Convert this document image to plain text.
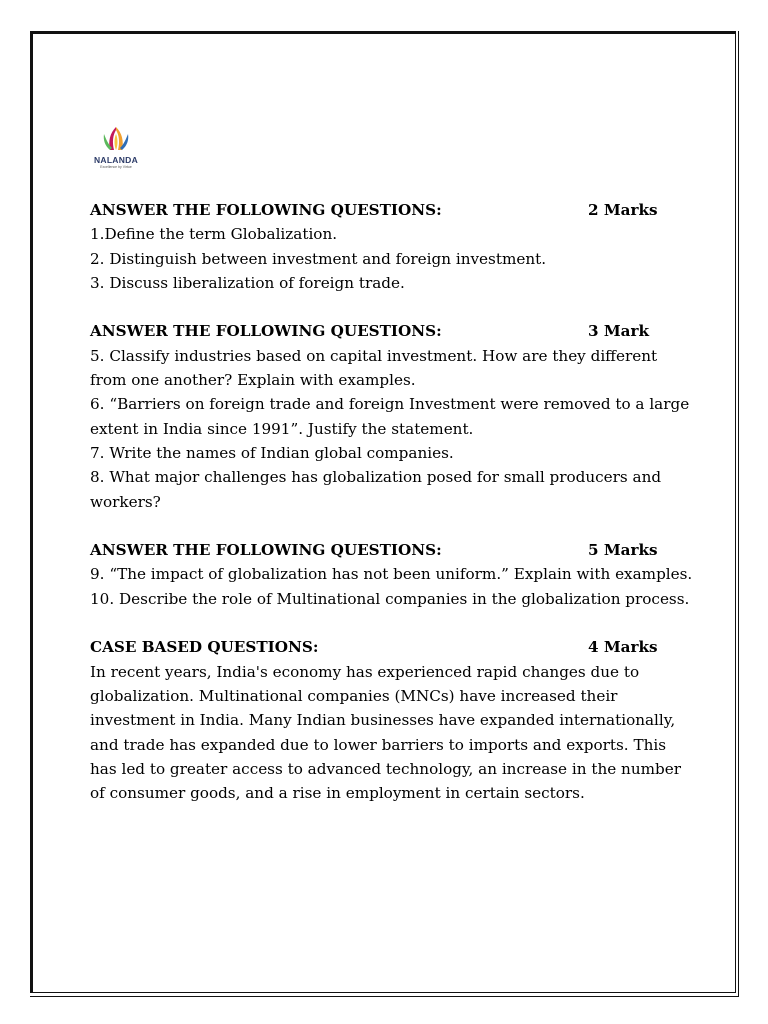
NALANDA
Excellence by Virtue
ANSWER THE FOLLOWING QUESTIONS:	2 Marks
1.Define the term Globalization.
2. Distinguish between investment and foreign investment.
3. Discuss liberalization of foreign trade.
ANSWER THE FOLLOWING QUESTIONS:	3 Mark
5. Classify industries based on capital investment. How are they different from one another? Explain with examples.
6. “Barriers on foreign trade and foreign Investment were removed to a large extent in India since 1991”. Justify the statement.
7. Write the names of Indian global companies.
8. What major challenges has globalization posed for small producers and workers?
ANSWER THE FOLLOWING QUESTIONS:	5 Marks
9. “The impact of globalization has not been uniform.” Explain with examples.
10. Describe the role of Multinational companies in the globalization process.
CASE BASED QUESTIONS:	4 Marks
In recent years, India's economy has experienced rapid changes due to globalization. Multinational companies (MNCs) have increased their investment in India. Many Indian businesses have expanded internationally, and trade has expanded due to lower barriers to imports and exports. This has led to greater access to advanced technology, an increase in the number of consumer goods, and a rise in employment in certain sectors.
